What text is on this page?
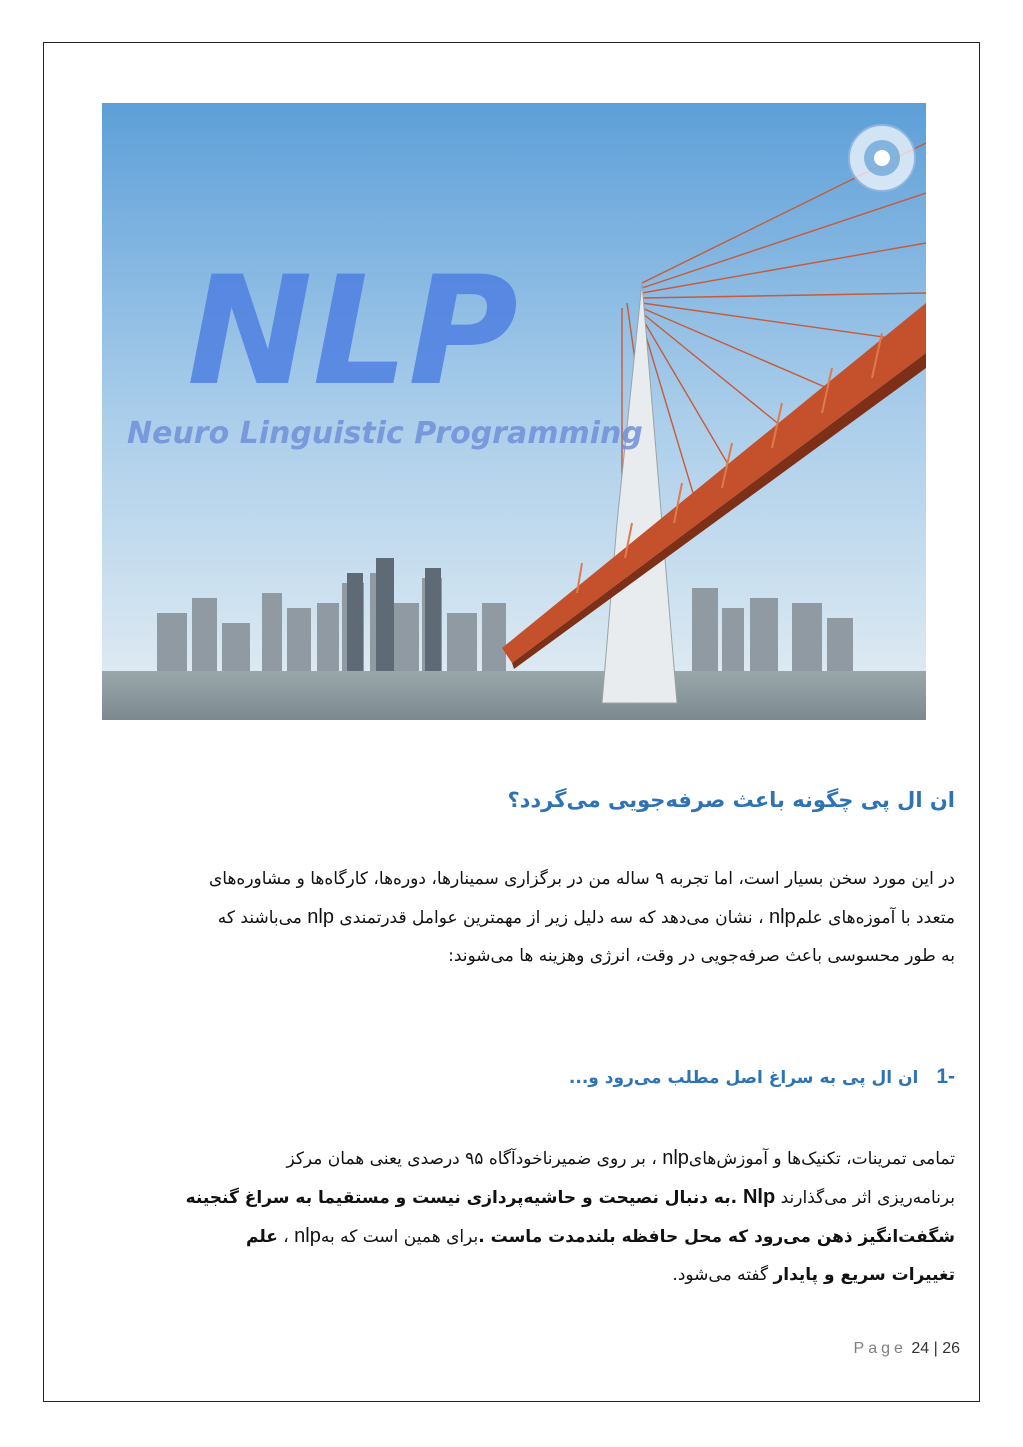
NLP
Neuro Linguistic Programming
ان ال پی چگونه باعث صرفه‌جویی می‌گردد؟
در این مورد سخن بسیار است، اما تجربه ۹ ساله من در برگزاری سمینارها، دوره‌ها، کارگاه‌ها و مشاوره‌های
متعدد با آموزه‌های علمnlp ، نشان می‌دهد که سه دلیل زیر از مهمترین عوامل قدرتمندی nlp می‌باشند که
به طور محسوسی باعث صرفه‌جویی در وقت، انرژی وهزینه ها می‌شوند:
-1 ان ال پی به سراغ اصل مطلب می‌رود و...
تمامی تمرینات، تکنیک‌ها و آموزش‌هایnlp ، بر روی ضمیرناخودآگاه ۹۵ درصدی یعنی همان مرکز
برنامه‌ریزی اثر می‌گذارند Nlp .به دنبال نصیحت و حاشیه‌پردازی نیست و مستقیما به سراغ گنجینه
شگفت‌انگیز ذهن می‌رود که محل حافظه بلندمدت ماست .برای همین است که بهnlp ، علم
تغییرات سریع و پایدار گفته می‌شود.
Page 24 | 26
